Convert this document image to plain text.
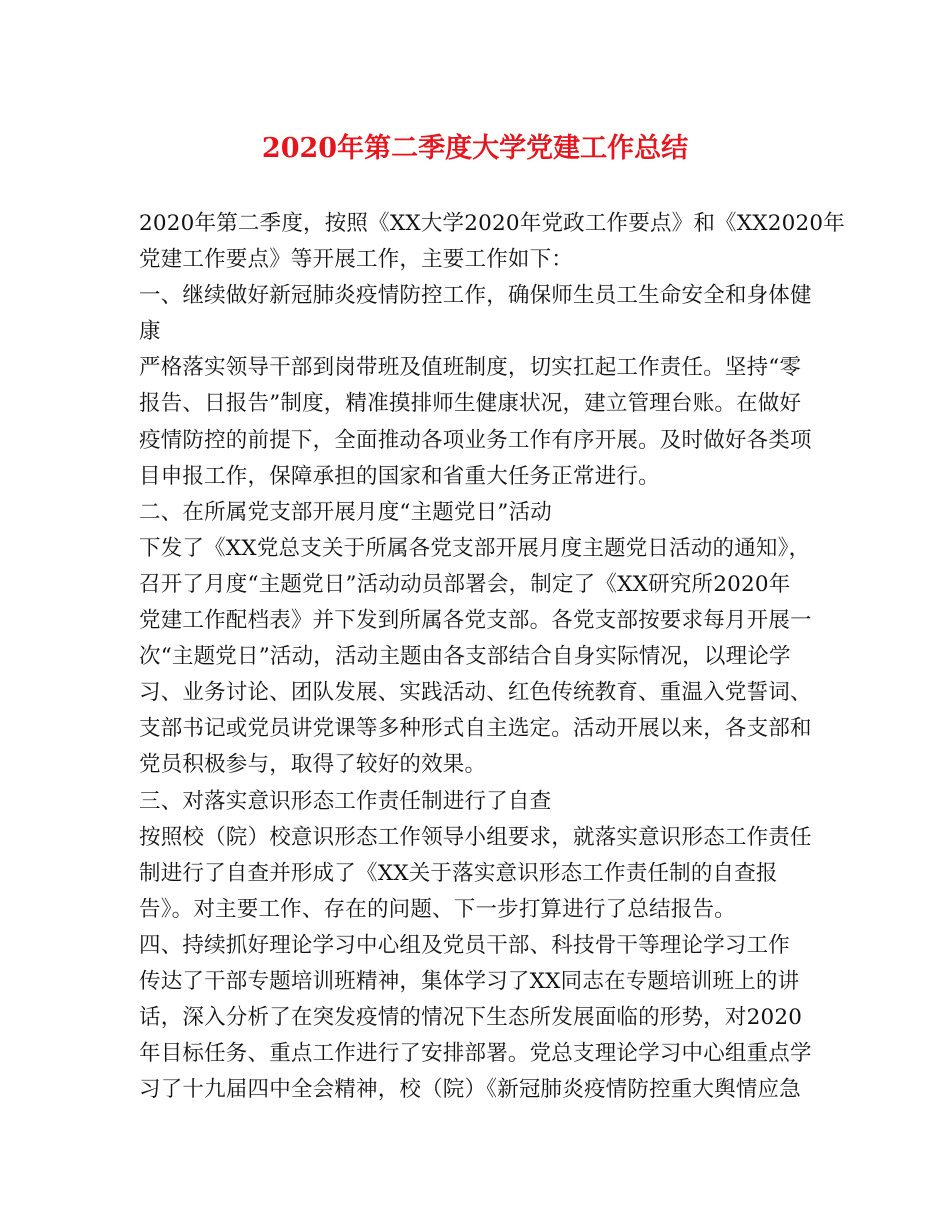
2020年第二季度大学党建工作总结

2020年第二季度，按照《XX大学2020年党政工作要点》和《XX2020年

党建工作要点》等开展工作，主要工作如下：

一、继续做好新冠肺炎疫情防控工作，确保师生员工生命安全和身体健

康

严格落实领导干部到岗带班及值班制度，切实扛起工作责任。坚持“零

报告、日报告”制度，精准摸排师生健康状况，建立管理台账。在做好

疫情防控的前提下，全面推动各项业务工作有序开展。及时做好各类项

目申报工作，保障承担的国家和省重大任务正常进行。

二、在所属党支部开展月度“主题党日”活动

下发了《XX党总支关于所属各党支部开展月度主题党日活动的通知》，

召开了月度“主题党日”活动动员部署会，制定了《XX研究所2020年

党建工作配档表》并下发到所属各党支部。各党支部按要求每月开展一

次“主题党日”活动，活动主题由各支部结合自身实际情况，以理论学

习、业务讨论、团队发展、实践活动、红色传统教育、重温入党誓词、

支部书记或党员讲党课等多种形式自主选定。活动开展以来，各支部和

党员积极参与，取得了较好的效果。

三、对落实意识形态工作责任制进行了自查

按照校（院）校意识形态工作领导小组要求，就落实意识形态工作责任

制进行了自查并形成了《XX关于落实意识形态工作责任制的自查报

告》。对主要工作、存在的问题、下一步打算进行了总结报告。

四、持续抓好理论学习中心组及党员干部、科技骨干等理论学习工作

传达了干部专题培训班精神，集体学习了XX同志在专题培训班上的讲

话，深入分析了在突发疫情的情况下生态所发展面临的形势，对2020

年目标任务、重点工作进行了安排部署。党总支理论学习中心组重点学

习了十九届四中全会精神，校（院）《新冠肺炎疫情防控重大舆情应急
